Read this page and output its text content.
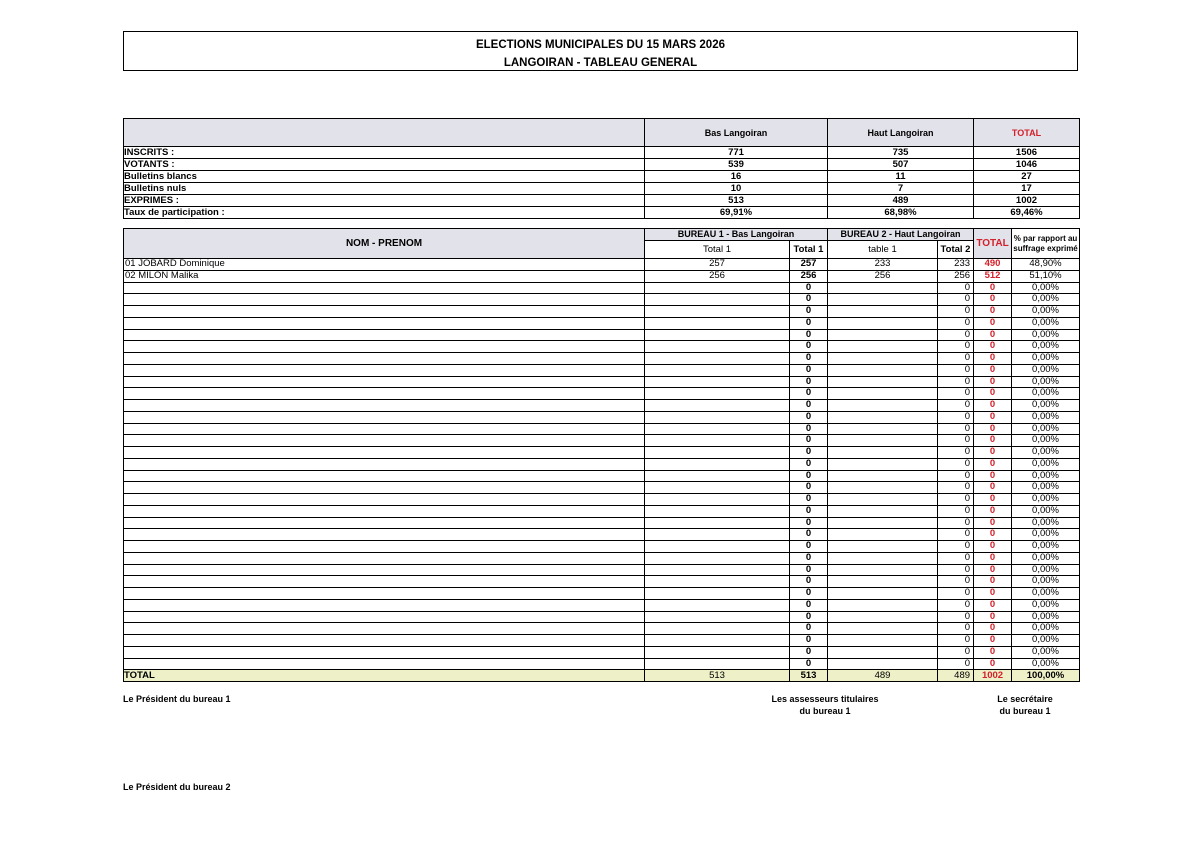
ELECTIONS MUNICIPALES DU 15 MARS 2026
LANGOIRAN - TABLEAU GENERAL
	Bas Langoiran	Haut Langoiran	TOTAL
INSCRITS :	771	735	1506
VOTANTS :	539	507	1046
Bulletins blancs	16	11	27
Bulletins nuls	10	7	17
EXPRIMES :	513	489	1002
Taux de participation :	69,91%	68,98%	69,46%
NOM - PRENOM	BUREAU 1 - Bas Langoiran		BUREAU 2 - Haut Langoiran		TOTAL	% par rapport au suffrage exprimé
	Total 1	Total 1	table 1	Total 2		
01 JOBARD Dominique	257	257	233	233	490	48,90%
02 MILON Malika	256	256	256	256	512	51,10%
		0		0	0	0,00%
		0		0	0	0,00%
		0		0	0	0,00%
		0		0	0	0,00%
		0		0	0	0,00%
		0		0	0	0,00%
		0		0	0	0,00%
		0		0	0	0,00%
		0		0	0	0,00%
		0		0	0	0,00%
		0		0	0	0,00%
		0		0	0	0,00%
		0		0	0	0,00%
		0		0	0	0,00%
		0		0	0	0,00%
		0		0	0	0,00%
		0		0	0	0,00%
		0		0	0	0,00%
		0		0	0	0,00%
		0		0	0	0,00%
		0		0	0	0,00%
		0		0	0	0,00%
		0		0	0	0,00%
		0		0	0	0,00%
		0		0	0	0,00%
		0		0	0	0,00%
		0		0	0	0,00%
		0		0	0	0,00%
		0		0	0	0,00%
		0		0	0	0,00%
		0		0	0	0,00%
		0		0	0	0,00%
		0		0	0	0,00%
TOTAL	513	513	489	489	1002	100,00%
Le Président du bureau 1	Les assesseurs titulaires
du bureau 1
Le secrétaire
du bureau 1
Le Président du bureau 2
